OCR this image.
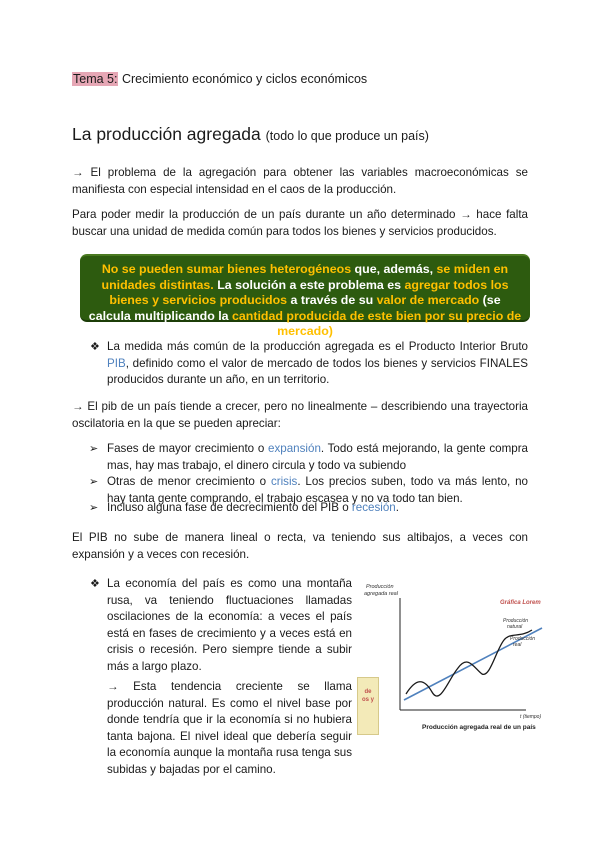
Tema 5: Crecimiento económico y ciclos económicos
La producción agregada (todo lo que produce un país)
→ El problema de la agregación para obtener las variables macroeconómicas se manifiesta con especial intensidad en el caos de la producción.
Para poder medir la producción de un país durante un año determinado → hace falta buscar una unidad de medida común para todos los bienes y servicios producidos.
No se pueden sumar bienes heterogéneos que, además, se miden en unidades distintas. La solución a este problema es agregar todos los bienes y servicios producidos a través de su valor de mercado (se calcula multiplicando la cantidad producida de este bien por su precio de mercado)
❖ La medida más común de la producción agregada es el Producto Interior Bruto PIB, definido como el valor de mercado de todos los bienes y servicios FINALES producidos durante un año, en un territorio.
→ El pib de un país tiende a crecer, pero no linealmente – describiendo una trayectoria oscilatoria en la que se pueden apreciar:
➢ Fases de mayor crecimiento o expansión. Todo está mejorando, la gente compra mas, hay mas trabajo, el dinero circula y todo va subiendo
➢ Otras de menor crecimiento o crisis. Los precios suben, todo va más lento, no hay tanta gente comprando, el trabajo escasea y no va todo tan bien.
➢ Incluso alguna fase de decrecimiento del PIB o recesión.
El PIB no sube de manera lineal o recta, va teniendo sus altibajos, a veces con expansión y a veces con recesión.
❖ La economía del país es como una montaña rusa, va teniendo fluctuaciones llamadas oscilaciones de la economía: a veces el país está en fases de crecimiento y a veces está en crisis o recesión. Pero siempre tiende a subir más a largo plazo.
→ Esta tendencia creciente se llama producción natural. Es como el nivel base por donde tendría que ir la economía si no hubiera tanta bajona. El nivel ideal que debería seguir la economía aunque la montaña rusa tenga sus subidas y bajadas por el camino.
de
os y
Producción
agregada real
Gráfica Lorem
Producción
natural
Producción
real
t (tiempo)
Producción agregada real de un país
